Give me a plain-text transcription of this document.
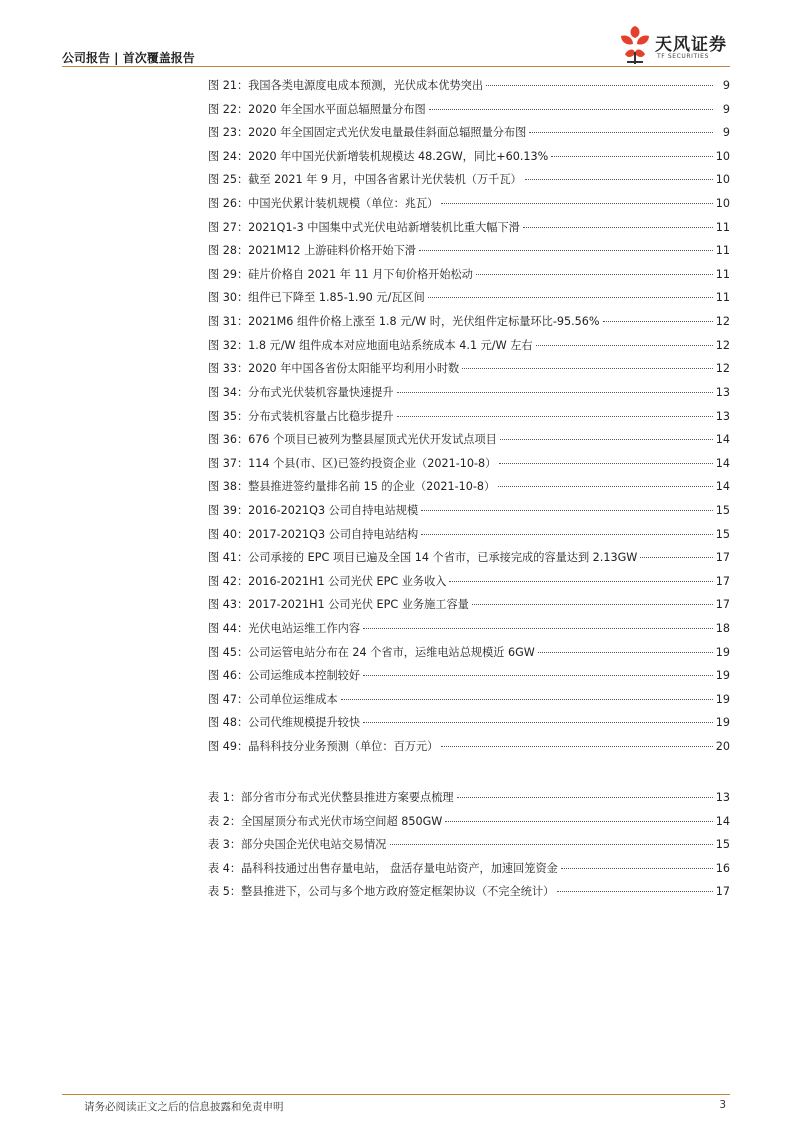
公司报告 | 首次覆盖报告
天风证券
TF SECURITIES
图 21：我国各类电源度电成本预测，光伏成本优势突出	9
图 22：2020 年全国水平面总辐照量分布图	9
图 23：2020 年全国固定式光伏发电量最佳斜面总辐照量分布图	9
图 24：2020 年中国光伏新增装机规模达 48.2GW，同比+60.13%	10
图 25：截至 2021 年 9 月，中国各省累计光伏装机（万千瓦）	10
图 26：中国光伏累计装机规模（单位：兆瓦）	10
图 27：2021Q1-3 中国集中式光伏电站新增装机比重大幅下滑	11
图 28：2021M12 上游硅料价格开始下滑	11
图 29：硅片价格自 2021 年 11 月下旬价格开始松动	11
图 30：组件已下降至 1.85-1.90 元/瓦区间	11
图 31：2021M6 组件价格上涨至 1.8 元/W 时，光伏组件定标量环比-95.56%	12
图 32：1.8 元/W 组件成本对应地面电站系统成本 4.1 元/W 左右	12
图 33：2020 年中国各省份太阳能平均利用小时数	12
图 34：分布式光伏装机容量快速提升	13
图 35：分布式装机容量占比稳步提升	13
图 36：676 个项目已被列为整县屋顶式光伏开发试点项目	14
图 37：114 个县(市、区)已签约投资企业（2021-10-8）	14
图 38：整县推进签约量排名前 15 的企业（2021-10-8）	14
图 39：2016-2021Q3 公司自持电站规模	15
图 40：2017-2021Q3 公司自持电站结构	15
图 41：公司承接的 EPC 项目已遍及全国 14 个省市，已承接完成的容量达到 2.13GW	17
图 42：2016-2021H1 公司光伏 EPC 业务收入	17
图 43：2017-2021H1 公司光伏 EPC 业务施工容量	17
图 44：光伏电站运维工作内容	18
图 45：公司运管电站分布在 24 个省市，运维电站总规模近 6GW	19
图 46：公司运维成本控制较好	19
图 47：公司单位运维成本	19
图 48：公司代维规模提升较快	19
图 49：晶科科技分业务预测（单位：百万元）	20
表 1：部分省市分布式光伏整县推进方案要点梳理	13
表 2：全国屋顶分布式光伏市场空间超 850GW	14
表 3：部分央国企光伏电站交易情况	15
表 4：晶科科技通过出售存量电站， 盘活存量电站资产，加速回笼资金	16
表 5：整县推进下，公司与多个地方政府签定框架协议（不完全统计）	17
请务必阅读正文之后的信息披露和免责申明	3
